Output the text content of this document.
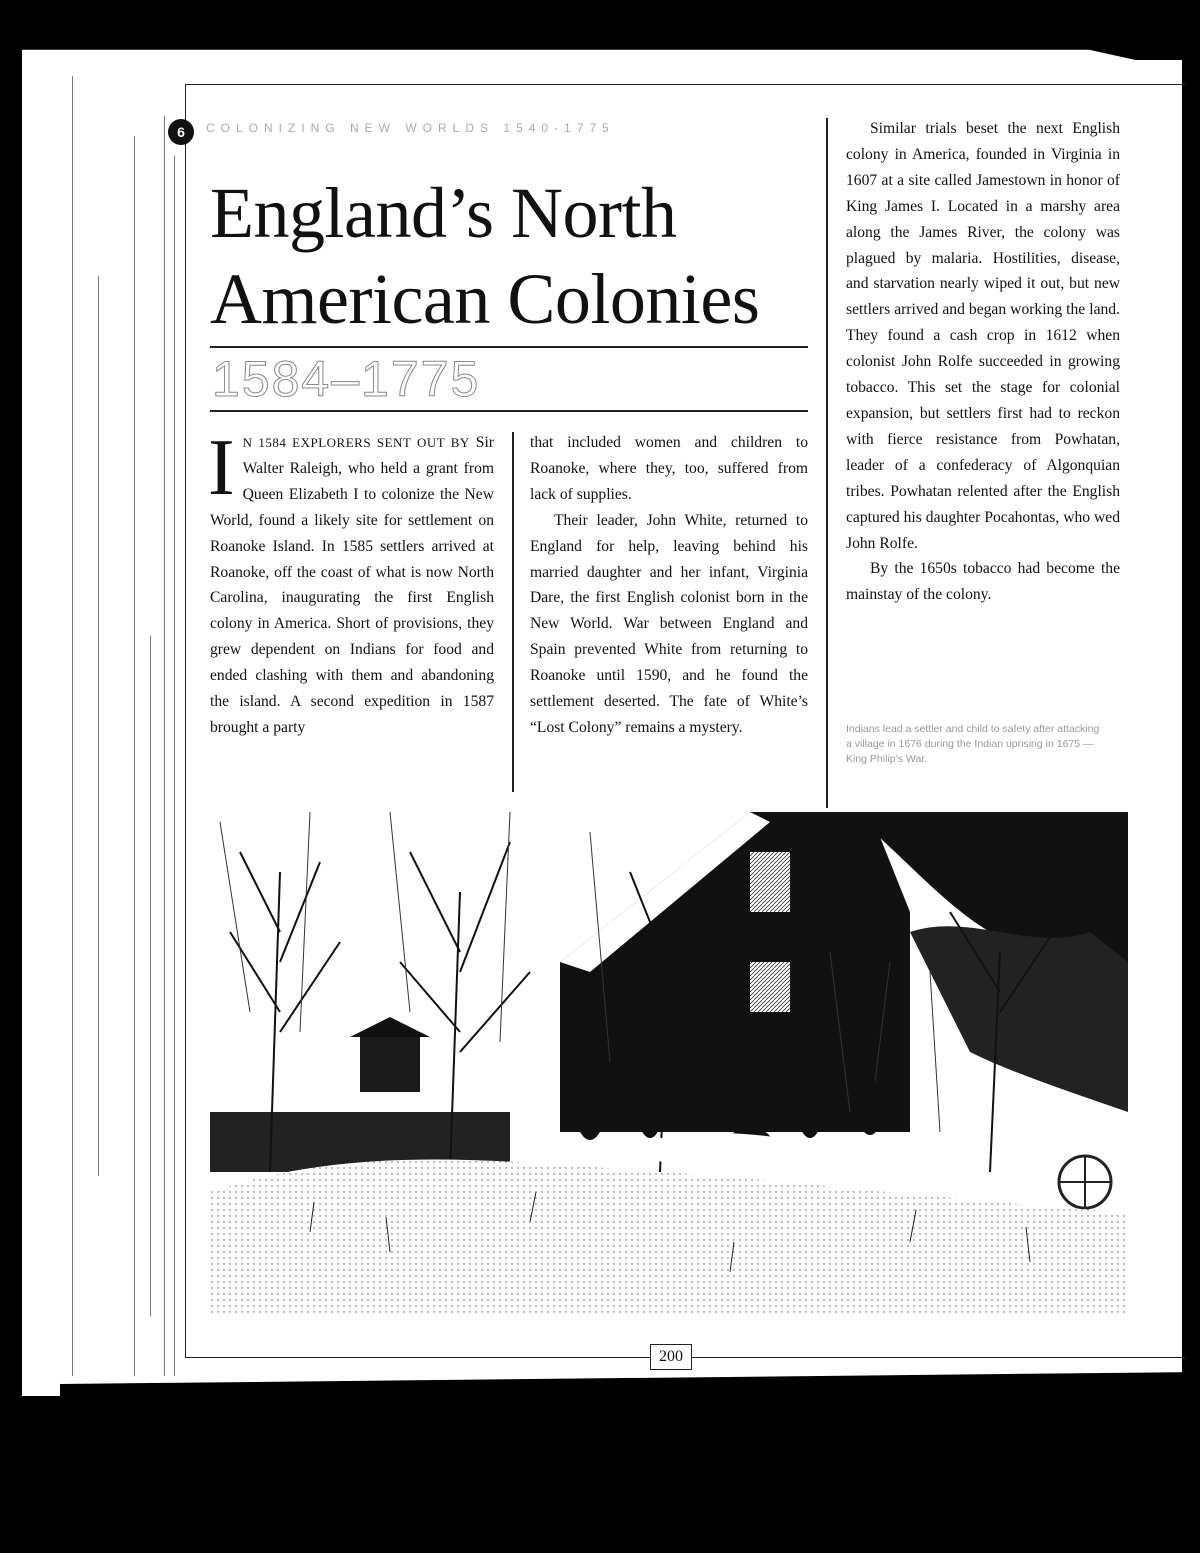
6	COLONIZING NEW WORLDS 1540-1775
England’s North
American Colonies
1584–1775

I N 1584 EXPLORERS SENT OUT BY Sir Walter Raleigh, who held a grant from Queen Elizabeth I to colonize the New World, found a likely site for settlement on Roanoke Island. In 1585 settlers arrived at Roanoke, off the coast of what is now North Carolina, inaugurating the first English colony in America. Short of provisions, they grew dependent on Indians for food and ended clashing with them and abandoning the island. A second expedition in 1587 brought a party

that included women and children to Roanoke, where they, too, suffered from lack of supplies.

Their leader, John White, returned to England for help, leaving behind his married daughter and her infant, Virginia Dare, the first English colonist born in the New World. War between England and Spain prevented White from returning to Roanoke until 1590, and he found the settlement deserted. The fate of White’s “Lost Colony” remains a mystery.

Similar trials beset the next English colony in America, founded in Virginia in 1607 at a site called Jamestown in honor of King James I. Located in a marshy area along the James River, the colony was plagued by malaria. Hostilities, disease, and starvation nearly wiped it out, but new settlers arrived and began working the land. They found a cash crop in 1612 when colonist John Rolfe succeeded in growing tobacco. This set the stage for colonial expansion, but settlers first had to reckon with fierce resistance from Powhatan, leader of a confederacy of Algonquian tribes. Powhatan relented after the English captured his daughter Pocahontas, who wed John Rolfe.

By the 1650s tobacco had become the mainstay of the colony.

Indians lead a settler and child to safety after attacking a village in 1676 during the Indian uprising in 1675 — King Philip’s War.

200
